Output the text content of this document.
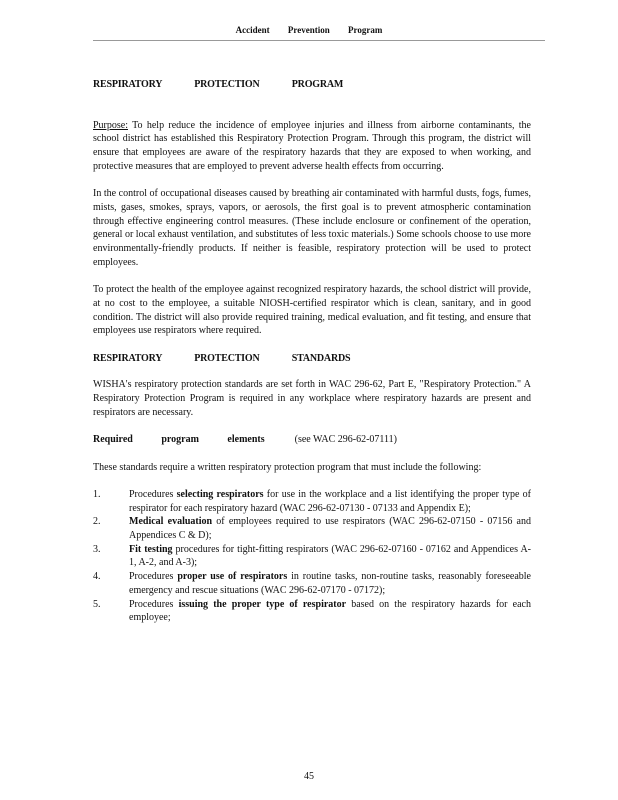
Accident Prevention Program
RESPIRATORY PROTECTION PROGRAM

Purpose: To help reduce the incidence of employee injuries and illness from airborne contaminants, the school district has established this Respiratory Protection Program. Through this program, the district will ensure that employees are aware of the respiratory hazards that they are exposed to when working, and protective measures that are employed to prevent adverse health effects from occurring.

In the control of occupational diseases caused by breathing air contaminated with harmful dusts, fogs, fumes, mists, gases, smokes, sprays, vapors, or aerosols, the first goal is to prevent atmospheric contamination through effective engineering control measures. (These include enclosure or confinement of the operation, general or local exhaust ventilation, and substitutes of less toxic materials.) Some schools choose to use more environmentally-friendly products. If neither is feasible, respiratory protection will be used to protect employees.

To protect the health of the employee against recognized respiratory hazards, the school district will provide, at no cost to the employee, a suitable NIOSH-certified respirator which is clean, sanitary, and in good condition. The district will also provide required training, medical evaluation, and fit testing, and ensure that employees use respirators where required.

RESPIRATORY PROTECTION STANDARDS

WISHA's respiratory protection standards are set forth in WAC 296-62, Part E, "Respiratory Protection." A Respiratory Protection Program is required in any workplace where respiratory hazards are present and respirators are necessary.

Required program elements	(see WAC 296-62-07111)

These standards require a written respiratory protection program that must include the following:

1.	Procedures selecting respirators for use in the workplace and a list identifying the proper type of respirator for each respiratory hazard (WAC 296-62-07130 - 07133 and Appendix E);
2.	Medical evaluation of employees required to use respirators (WAC 296-62-07150 - 07156 and Appendices C & D);
3.	Fit testing procedures for tight-fitting respirators (WAC 296-62-07160 - 07162 and Appendices A-1, A-2, and A-3);
4.	Procedures proper use of respirators in routine tasks, non-routine tasks, reasonably foreseeable emergency and rescue situations (WAC 296-62-07170 - 07172);
5.	Procedures issuing the proper type of respirator based on the respiratory hazards for each employee;
45
